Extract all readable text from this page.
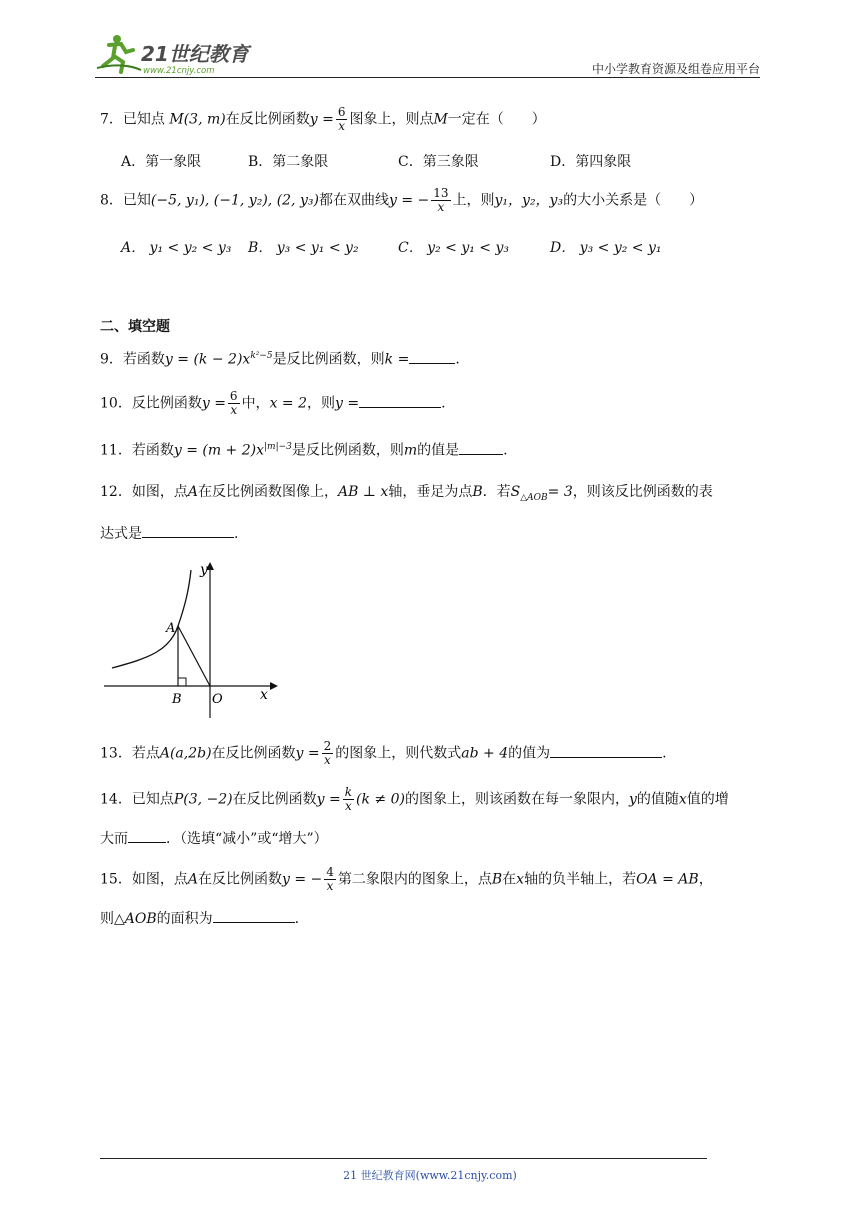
21世纪教育
www.21cnjy.com	中小学教育资源及组卷应用平台
7．已知点 M(3, m)在反比例函数$y = \frac{6}{x}$ 图象上，则点M一定在（　　）
A．第一象限	B．第二象限	C．第三象限	D．第四象限
8．已知(−5, y₁), (−1, y₂), (2, y₃)都在双曲线y = − $\frac{13}{x}$ 上，则y₁，y₂，y₃的大小关系是（　　）
A． y₁ < y₂ < y₃ B． y₃ < y₁ < y₂	C． y₂ < y₁ < y₃	D． y₃ < y₂ < y₁
二、填空题
9．若函数$y = (k - 2)x^{k^2-5}$是反比例函数，则k =	.
10．反比例函数$y = \frac{6}{x}$ 中，x = 2，则y =	.
11．若函数$y = (m + 2)x^{|m|-3}$是反比例函数，则m的值是	.
12．如图，点A在反比例函数图像上，AB ⊥ x轴，垂足为点B．若$S_{\triangle AOB}= 3$，则该反比例函数的表
达式是	.
y
x
A
B O
13．若点A(a,2b)在反比例函数$y = \frac{2}{x}$ 的图象上，则代数式ab + 4的值为	.
14．已知点P(3, −2)在反比例函数$y = \frac{k}{x} (k \ne 0)$的图象上，则该函数在每一象限内，y的值随x值的增
大而	．（选填“减小”或“增大”）
15．如图，点A在反比例函数y = − $\frac{4}{x}$ 第二象限内的图象上，点B在x轴的负半轴上，若OA = AB，
则△AOB的面积为	.
21 世纪教育网(www.21cnjy.com)
